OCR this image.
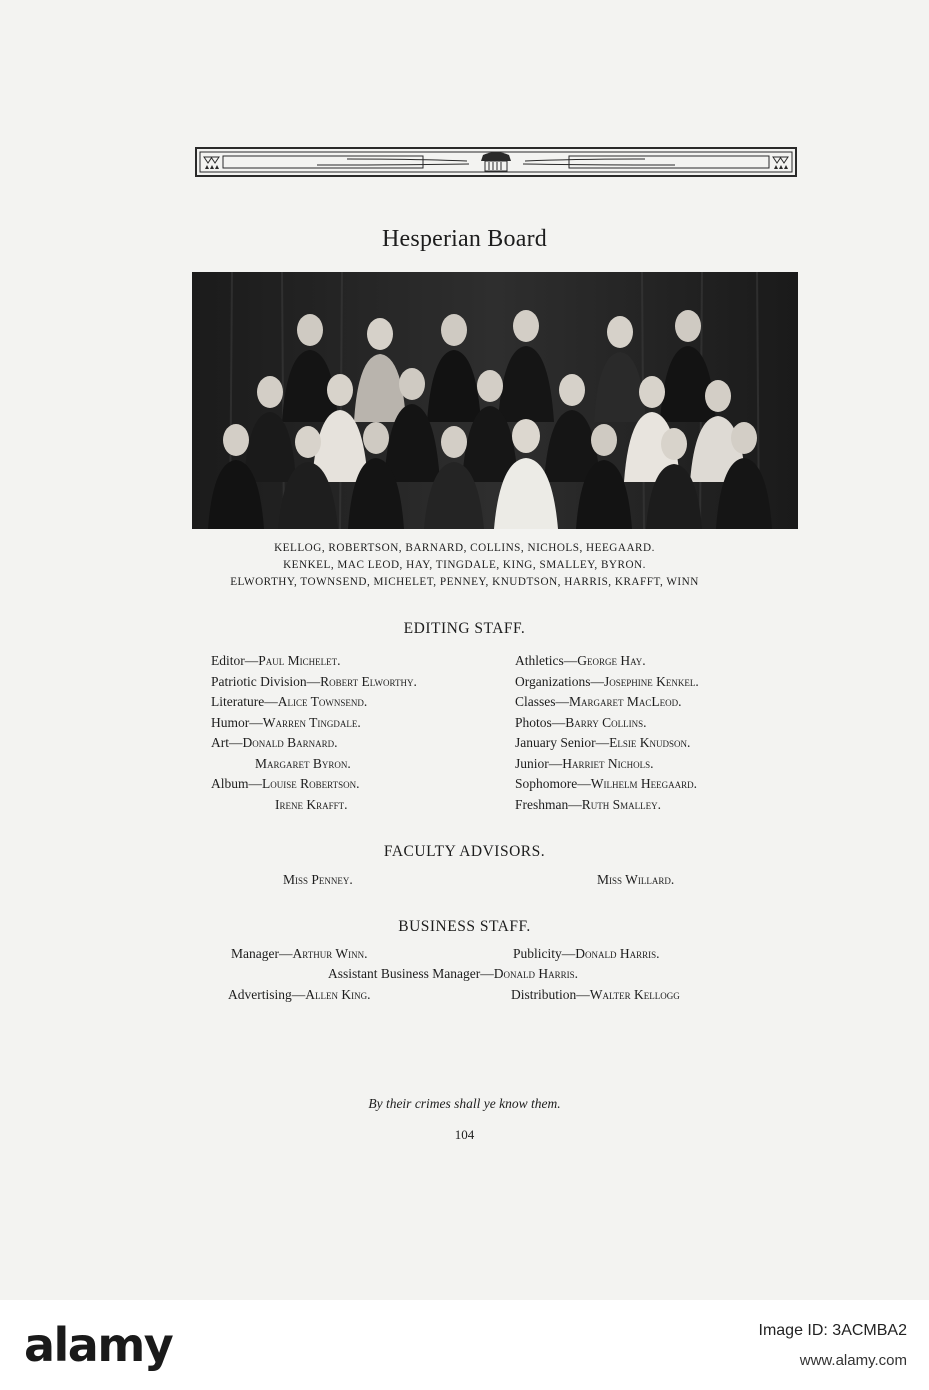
Hesperian Board
KELLOG, ROBERTSON, BARNARD, COLLINS, NICHOLS, HEEGAARD.
KENKEL, MAC LEOD, HAY, TINGDALE, KING, SMALLEY, BYRON.
ELWORTHY, TOWNSEND, MICHELET, PENNEY, KNUDTSON, HARRIS, KRAFFT, WINN
EDITING STAFF.
Editor—Paul Michelet.
Patriotic Division—Robert Elworthy.
Literature—Alice Townsend.
Humor—Warren Tingdale.
Art—Donald Barnard.
Margaret Byron.
Album—Louise Robertson.
Irene Krafft.
Athletics—George Hay.
Organizations—Josephine Kenkel.
Classes—Margaret MacLeod.
Photos—Barry Collins.
January Senior—Elsie Knudson.
Junior—Harriet Nichols.
Sophomore—Wilhelm Heegaard.
Freshman—Ruth Smalley.
FACULTY ADVISORS.
Miss Penney.	Miss Willard.
BUSINESS STAFF.
Manager—Arthur Winn.	Publicity—Donald Harris.
Assistant Business Manager—Donald Harris.
Advertising—Allen King.	Distribution—Walter Kellogg
By their crimes shall ye know them.
104
alamy	Image ID: 3ACMBA2
www.alamy.com
